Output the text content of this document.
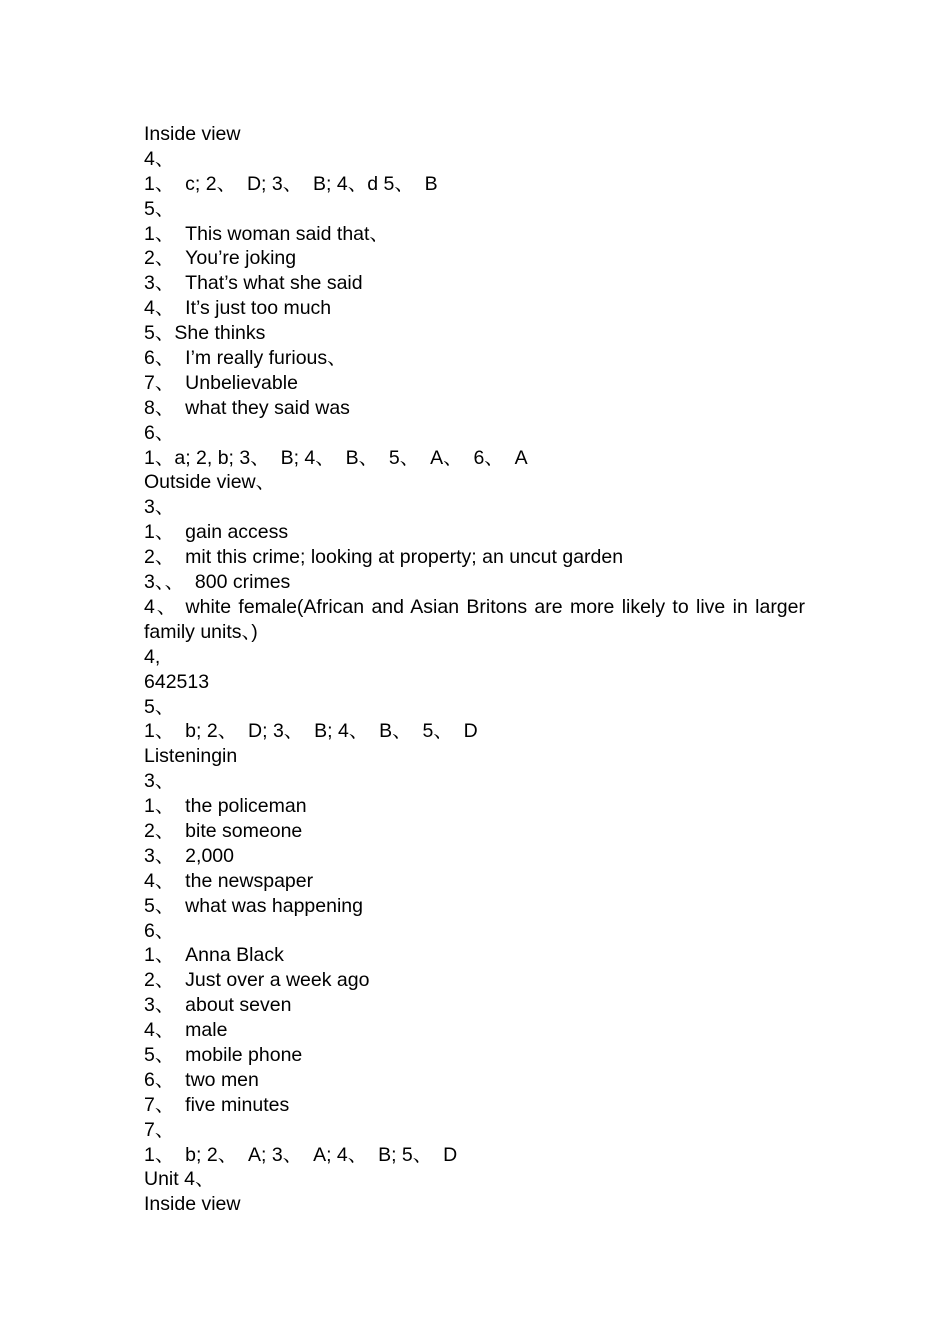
Inside view
4、
1、  c; 2、  D; 3、  B; 4、d 5、  B
5、
1、  This woman said that、
2、  You’re joking
3、  That’s what she said
4、  It’s just too much
5、She thinks
6、  I’m really furious、
7、  Unbelievable
8、  what they said was
6、
1、a; 2, b; 3、  B; 4、  B、  5、  A、  6、  A
Outside view、
3、
1、  gain access
2、  mit this crime; looking at property; an uncut garden
3、、  800 crimes
4、 white female(African and Asian Britons are more likely to live in larger family units、)
4,
642513
5、
1、  b; 2、  D; 3、  B; 4、  B、  5、  D
Listeningin
3、
1、  the policeman
2、  bite someone
3、  2,000
4、  the newspaper
5、  what was happening
6、
1、  Anna Black
2、  Just over a week ago
3、  about seven
4、  male
5、  mobile phone
6、  two men
7、  five minutes
7、
1、  b; 2、  A; 3、  A; 4、  B; 5、  D
Unit 4、
Inside view
